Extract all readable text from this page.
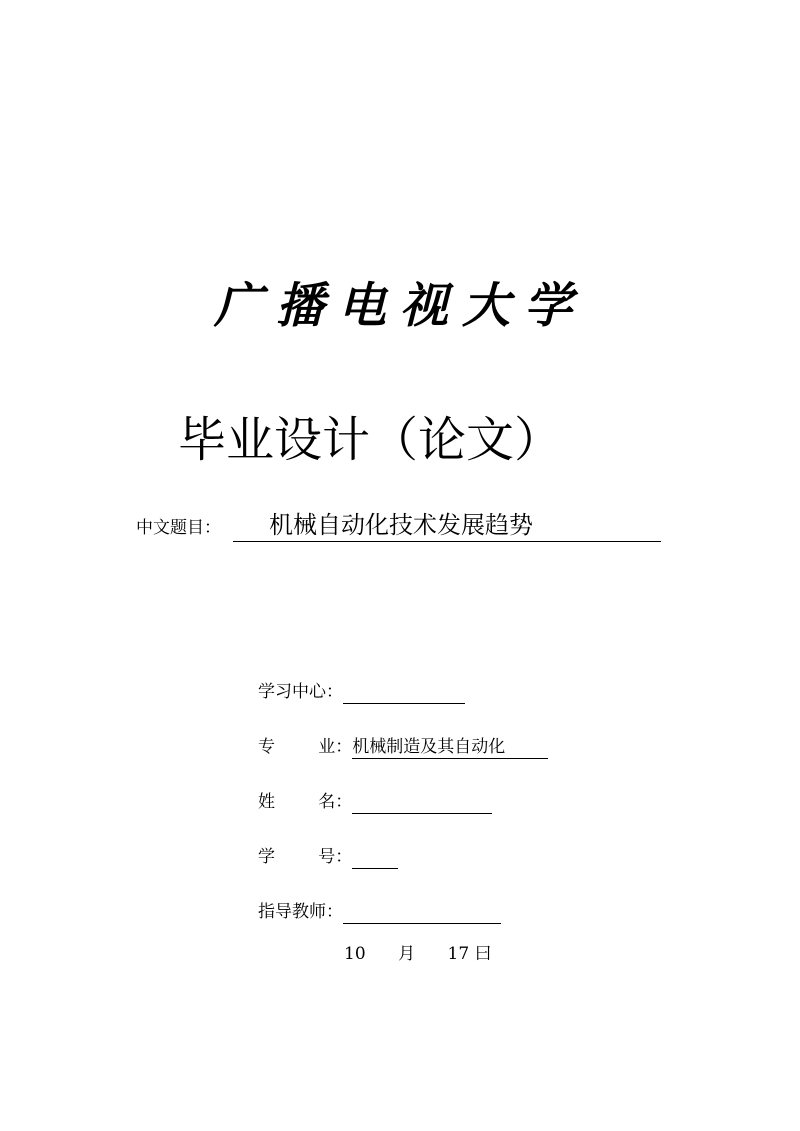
广播电视大学
毕业设计（论文）
中文题目：	机械自动化技术发展趋势
学习中心：
专        业： 机械制造及其自动化
姓        名：
学        号：
指导教师：
10 月 17 曰
